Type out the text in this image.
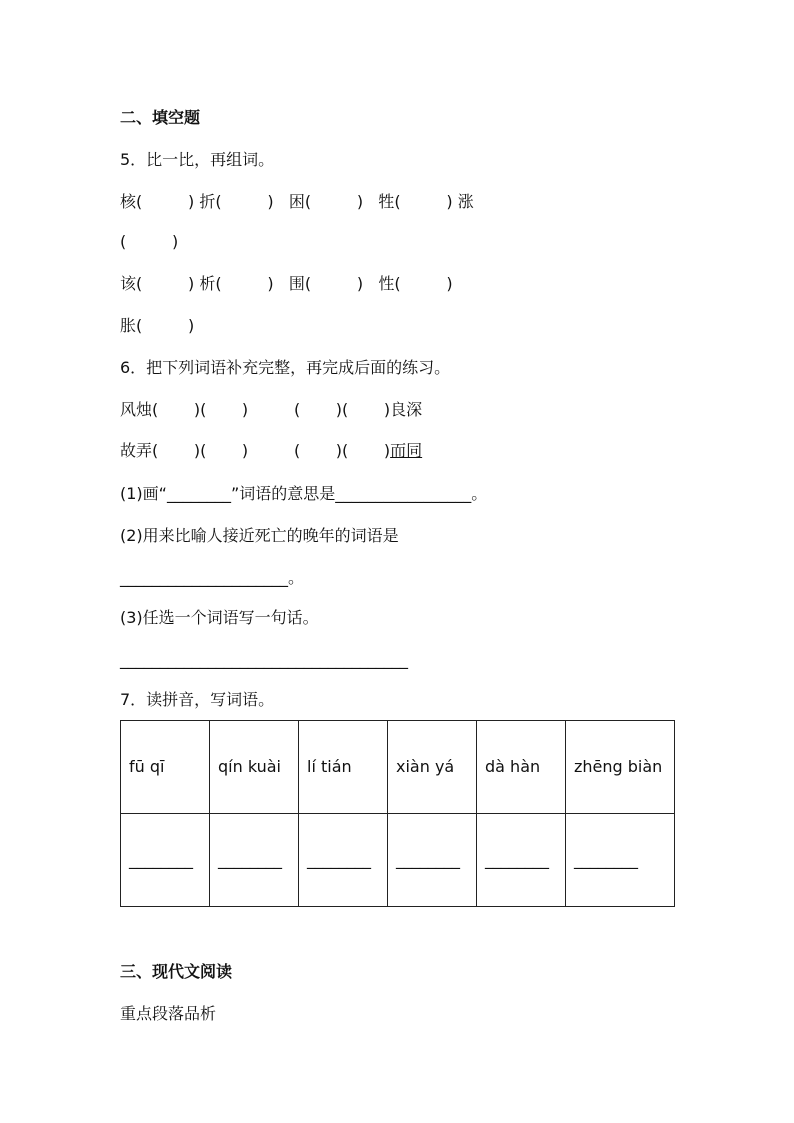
二、填空题
5．比一比，再组词。
核(         ) 折(         )   困(         )   牲(         ) 涨
(         )
该(         ) 析(         )   围(         )   性(         )
胀(         )
6．把下列词语补充完整，再完成后面的练习。
风烛(       )(       )         (       )(       )良深
故弄(       )(       )         (       )(       )而同
(1)画“________”词语的意思是_________________。
(2)用来比喻人接近死亡的晚年的词语是
_____________________。
(3)任选一个词语写一句话。
____________________________________
7．读拼音，写词语。
fū qī	qín kuài	lí tián	xiàn yá	dà hàn	zhēng biàn
________	________	________	________	________	________
三、现代文阅读
重点段落品析
